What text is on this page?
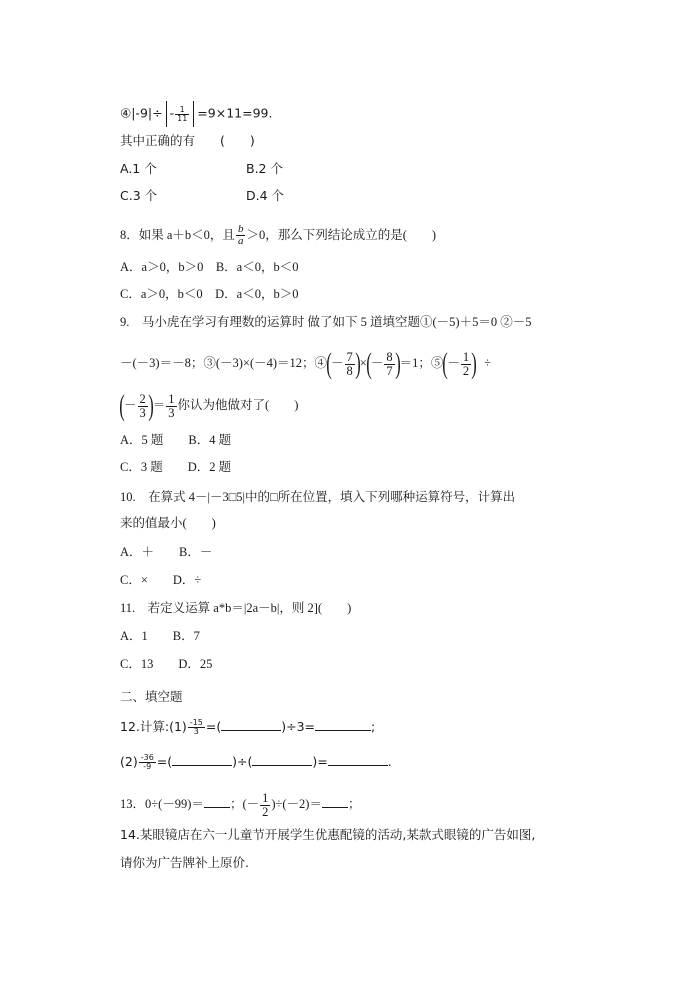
④|-9|÷ - $\frac{1}{11} =9\times 11=99$.
其中正确的有　　(　　)
A.1 个	B.2 个
C.3 个	D.4 个
8．如果 a＋b＜0，且 $\frac{b}{a} >0$，那么下列结论成立的是(　　)
A．a＞0，b＞0　B．a＜0，b＜0
C．a＞0，b＜0　D．a＜0，b＞0
9.　马小虎在学习有理数的运算时 做了如下 5 道填空题①(－5)＋5＝0 ②－5
－(－3)＝－8；③(－3)×(－4)＝12；④(－ $\frac{7}{8}$ )×(－ $\frac{8}{7} )=1$；⑤(－ $\frac{1}{2}$ ) ÷
(－ $\frac{2}{3}$ )＝ $\frac{1}{3}$ 你认为他做对了(　　)
A．5 题　　B．4 题
C．3 题　　D．2 题
10.　在算式 4－|－3□5|中的□所在位置，填入下列哪种运算符号，计算出
来的值最小(　　)
A．＋　　B．－
C．×　　D．÷
11.　若定义运算 a*b＝|2a－b|，则 2](　　)
A．1　　B．7
C．13　　D．25
二、填空题
12.计算:(1) $\frac{-15}{3}$ =(	)÷3=	;
$(2) \frac{-36}{-9}$ =(	)÷(	)=	.
13．0÷(－99)＝ ；(－ $\frac{1}{2} )\div(-2)=$ ；
14.某眼镜店在六一儿童节开展学生优惠配镜的活动,某款式眼镜的广告如图,
请你为广告牌补上原价.
